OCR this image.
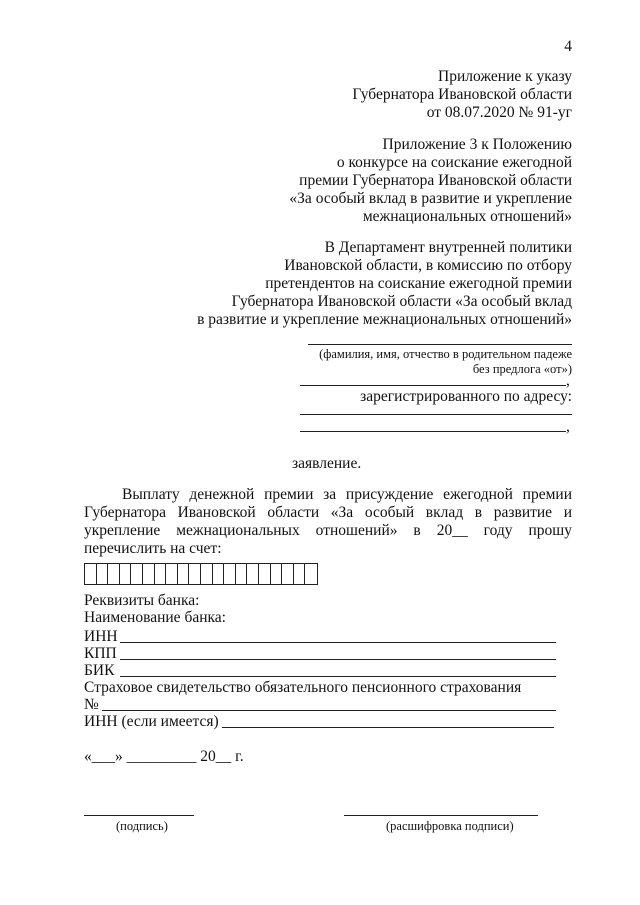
4
Приложение к указу
Губернатора Ивановской области
от 08.07.2020 № 91-уг
Приложение 3 к Положению
о конкурсе на соискание ежегодной
премии Губернатора Ивановской области
«За особый вклад в развитие и укрепление
межнациональных отношений»
В Департамент внутренней политики
Ивановской области, в комиссию по отбору
претендентов на соискание ежегодной премии
Губернатора Ивановской области «За особый вклад
в развитие и укрепление межнациональных отношений»
(фамилия, имя, отчество в родительном падеже
без предлога «от»)
,
зарегистрированного по адресу:
,
заявление.
Выплату денежной премии за присуждение ежегодной премии Губернатора Ивановской области «За особый вклад в развитие и укрепление межнациональных отношений» в 20__ году прошу перечислить на счет:
Реквизиты банка:
Наименование банка:
ИНН
КПП
БИК
Страховое свидетельство обязательного пенсионного страхования
№
ИНН (если имеется)
«___» _________ 20__ г.
(подпись)	(расшифровка подписи)
